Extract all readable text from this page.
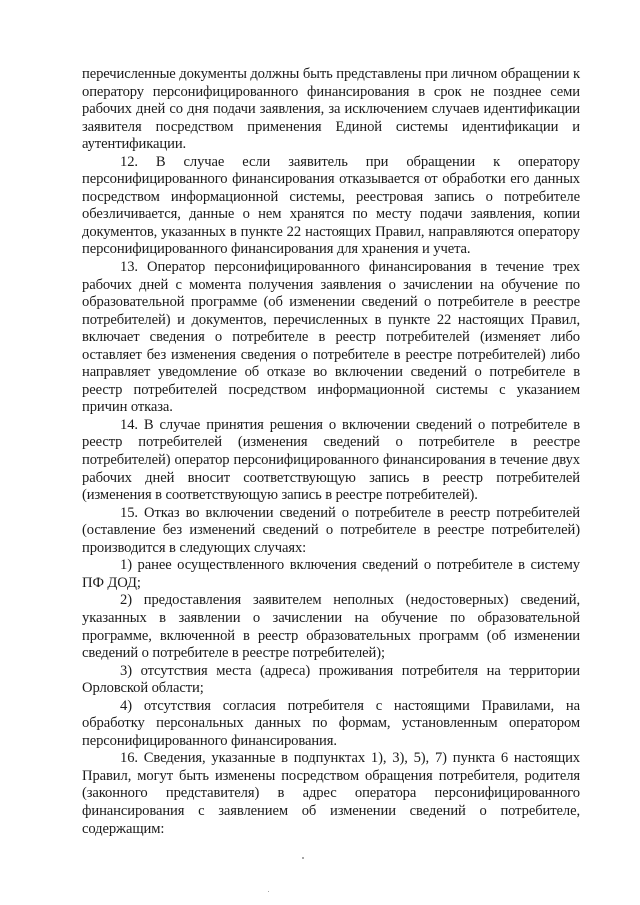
перечисленные документы должны быть представлены при личном обращении к оператору персонифицированного финансирования в срок не позднее семи рабочих дней со дня подачи заявления, за исключением случаев идентификации заявителя посредством применения Единой системы идентификации и аутентификации.

12. В случае если заявитель при обращении к оператору персонифицированного финансирования отказывается от обработки его данных посредством информационной системы, реестровая запись о потребителе обезличивается, данные о нем хранятся по месту подачи заявления, копии документов, указанных в пункте 22 настоящих Правил, направляются оператору персонифицированного финансирования для хранения и учета.

13. Оператор персонифицированного финансирования в течение трех рабочих дней с момента получения заявления о зачислении на обучение по образовательной программе (об изменении сведений о потребителе в реестре потребителей) и документов, перечисленных в пункте 22 настоящих Правил, включает сведения о потребителе в реестр потребителей (изменяет либо оставляет без изменения сведения о потребителе в реестре потребителей) либо направляет уведомление об отказе во включении сведений о потребителе в реестр потребителей посредством информационной системы с указанием причин отказа.

14. В случае принятия решения о включении сведений о потребителе в реестр потребителей (изменения сведений о потребителе в реестре потребителей) оператор персонифицированного финансирования в течение двух рабочих дней вносит соответствующую запись в реестр потребителей (изменения в соответствующую запись в реестре потребителей).

15. Отказ во включении сведений о потребителе в реестр потребителей (оставление без изменений сведений о потребителе в реестре потребителей) производится в следующих случаях:

1) ранее осуществленного включения сведений о потребителе в систему ПФ ДОД;

2) предоставления заявителем неполных (недостоверных) сведений, указанных в заявлении о зачислении на обучение по образовательной программе, включенной в реестр образовательных программ (об изменении сведений о потребителе в реестре потребителей);

3) отсутствия места (адреса) проживания потребителя на территории Орловской области;

4) отсутствия согласия потребителя с настоящими Правилами, на обработку персональных данных по формам, установленным оператором персонифицированного финансирования.

16. Сведения, указанные в подпунктах 1), 3), 5), 7) пункта 6 настоящих Правил, могут быть изменены посредством обращения потребителя, родителя (законного представителя) в адрес оператора персонифицированного финансирования с заявлением об изменении сведений о потребителе, содержащим:
